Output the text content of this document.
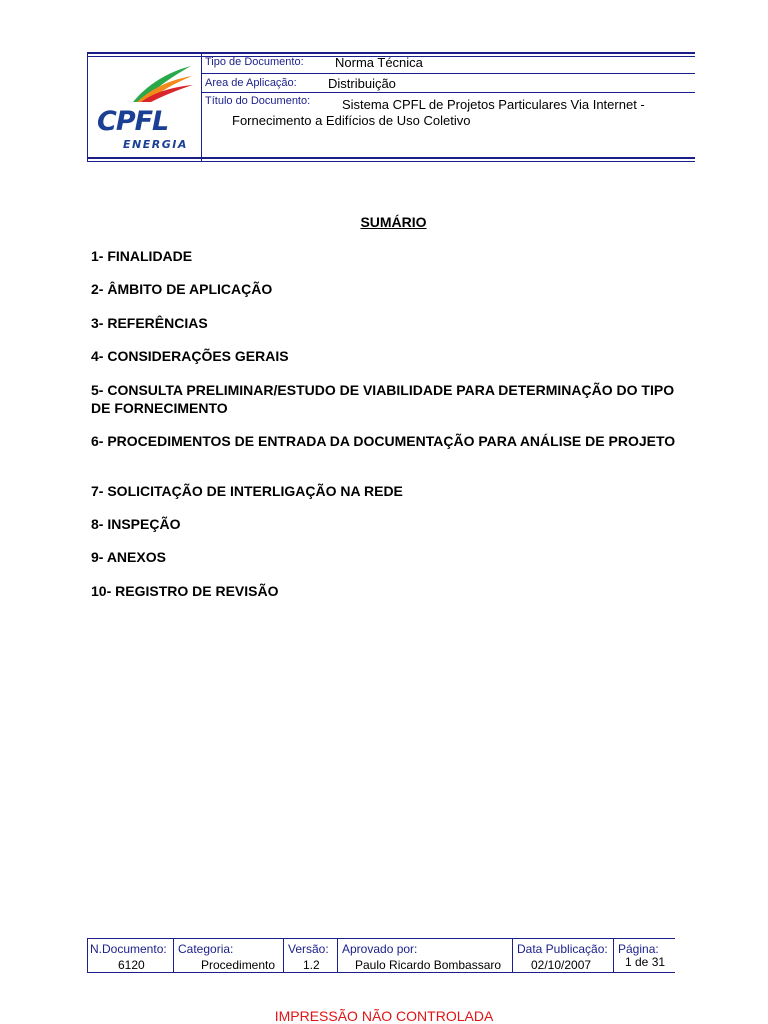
CPFL
ENERGIA
Tipo de Documento: Norma Técnica
Area de Aplicação: Distribuição
Título do Documento: Sistema CPFL de Projetos Particulares Via Internet -
Fornecimento a Edifícios de Uso Coletivo
SUMÁRIO
1- FINALIDADE
2- ÂMBITO DE APLICAÇÃO
3- REFERÊNCIAS
4- CONSIDERAÇÕES GERAIS
5- CONSULTA PRELIMINAR/ESTUDO DE VIABILIDADE PARA DETERMINAÇÃO DO TIPO DE FORNECIMENTO
6- PROCEDIMENTOS DE ENTRADA DA DOCUMENTAÇÃO PARA ANÁLISE DE PROJETO
7- SOLICITAÇÃO DE INTERLIGAÇÃO NA REDE
8- INSPEÇÃO
9- ANEXOS
10- REGISTRO DE REVISÃO
N.Documento:
6120
Categoria:
Procedimento
Versão:
1.2
Aprovado por:
Paulo Ricardo Bombassaro
Data Publicação:
02/10/2007
Página:
1 de 31
IMPRESSÃO NÃO CONTROLADA
